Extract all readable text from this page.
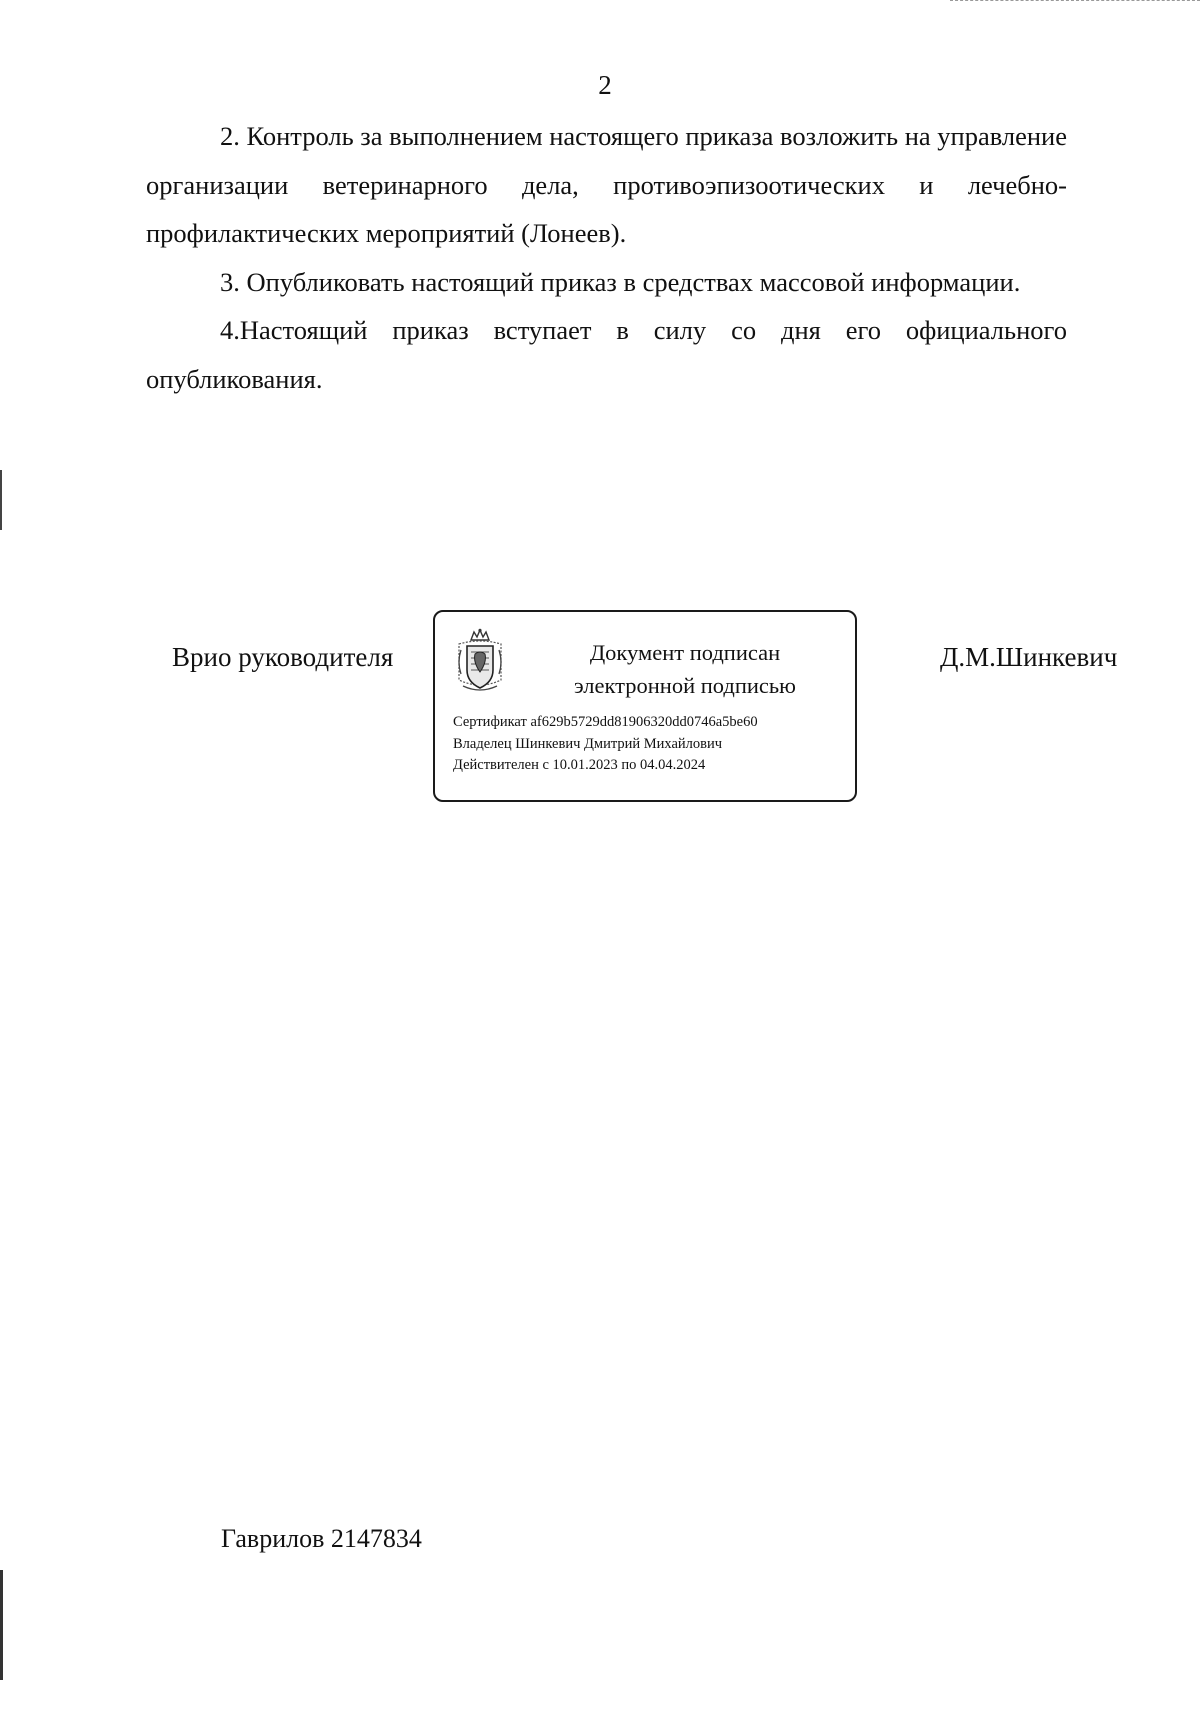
2

2. Контроль за выполнением настоящего приказа возложить на управление организации ветеринарного дела, противоэпизоотических и лечебно-профилактических мероприятий (Лонеев).

3. Опубликовать настоящий приказ в средствах массовой информации.

4.Настоящий приказ вступает в силу со дня его официального опубликования.

Врио руководителя	Документ подписан
электронной подписью
Сертификат af629b5729dd81906320dd0746a5be60
Владелец Шинкевич Дмитрий Михайлович
Действителен с 10.01.2023 по 04.04.2024
Д.М.Шинкевич
Гаврилов 2147834
